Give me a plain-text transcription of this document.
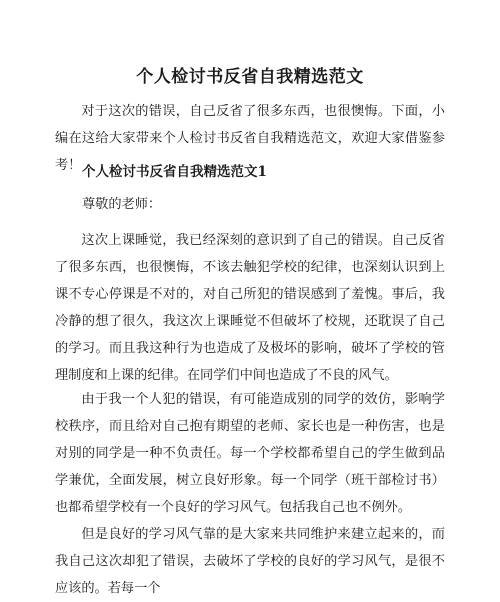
个人检讨书反省自我精选范文

对于这次的错误，自己反省了很多东西，也很懊悔。下面，小编在这给大家带来个人检讨书反省自我精选范文，欢迎大家借鉴参考！ 个人检讨书反省自我精选范文1

尊敬的老师：

这次上课睡觉，我已经深刻的意识到了自己的错误。自己反省了很多东西，也很懊悔，不该去触犯学校的纪律，也深刻认识到上课不专心停课是不对的，对自己所犯的错误感到了羞愧。事后，我冷静的想了很久，我这次上课睡觉不但破坏了校规，还耽误了自己的学习。而且我这种行为也造成了及极坏的影响，破坏了学校的管理制度和上课的纪律。在同学们中间也造成了不良的风气。

由于我一个人犯的错误，有可能造成别的同学的效仿，影响学校秩序，而且给对自己抱有期望的老师、家长也是一种伤害，也是对别的同学是一种不负责任。每一个学校都希望自己的学生做到品学兼优，全面发展，树立良好形象。每一个同学（班干部检讨书）也都希望学校有一个良好的学习风气。包括我自己也不例外。

但是良好的学习风气靠的是大家来共同维护来建立起来的，而我自己这次却犯了错误，去破坏了学校的良好的学习风气，是很不应该的。若每一个
